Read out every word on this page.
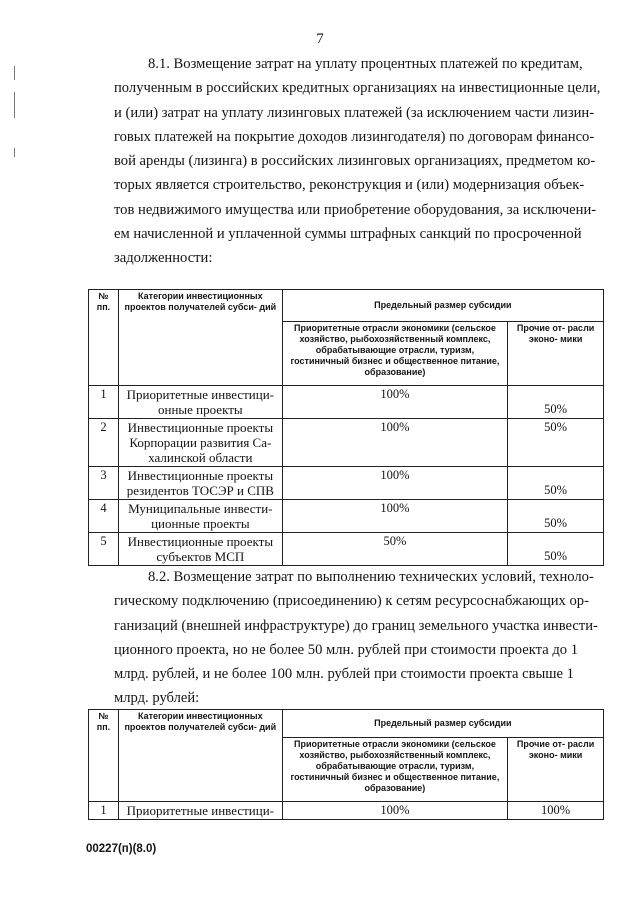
7
8.1. Возмещение затрат на уплату процентных платежей по кредитам,
полученным в российских кредитных организациях на инвестиционные цели,
и (или) затрат на уплату лизинговых платежей (за исключением части лизин-
говых платежей на покрытие доходов лизингодателя) по договорам финансо-
вой аренды (лизинга) в российских лизинговых организациях, предметом ко-
торых является строительство, реконструкция и (или) модернизация объек-
тов недвижимого имущества или приобретение оборудования, за исключени-
ем начисленной и уплаченной суммы штрафных санкций по просроченной
задолженности:
№ пп.	Категории инвестиционных проектов получателей субси- дий	Предельный размер субсидии	
		Приоритетные отрасли экономики (сельское хозяйство, рыбохозяйственный комплекс, обрабатывающие отрасли, туризм, гостиничный бизнес и общественное питание, образование)	Прочие от- расли эконо- мики
1	Приоритетные инвестици- онные проекты	100%	50%
2	Инвестиционные проекты Корпорации развития Са- халинской области	100%	50%
3	Инвестиционные проекты резидентов ТОСЭР и СПВ	100%	50%
4	Муниципальные инвести- ционные проекты	100%	50%
5	Инвестиционные проекты субъектов МСП	50%	50%
8.2. Возмещение затрат по выполнению технических условий, техноло-
гическому подключению (присоединению) к сетям ресурсоснабжающих ор-
ганизаций (внешней инфраструктуре) до границ земельного участка инвести-
ционного проекта, но не более 50 млн. рублей при стоимости проекта до 1
млрд. рублей, и не более 100 млн. рублей при стоимости проекта свыше 1
млрд. рублей:
№ пп.	Категории инвестиционных проектов получателей субси- дий	Предельный размер субсидии	
		Приоритетные отрасли экономики (сельское хозяйство, рыбохозяйственный комплекс, обрабатывающие отрасли, туризм, гостиничный бизнес и общественное питание, образование)	Прочие от- расли эконо- мики
1	Приоритетные инвестици-	100%	100%
00227(п)(8.0)
